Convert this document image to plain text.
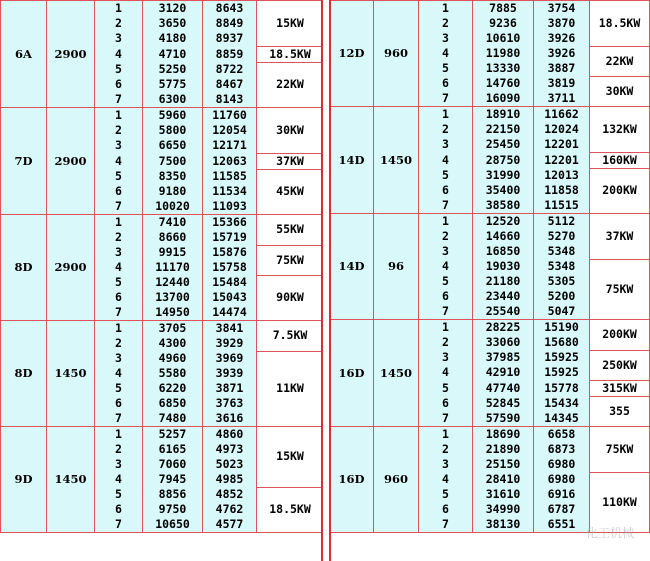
6A	2900	1	3120	8643	15KW
		2	3650	8849	
		3	4180	8937	
		4	4710	8859	18.5KW
		5	5250	8722	22KW
		6	5775	8467	
		7	6300	8143	
7D	2900	1	5960	11760	30KW
		2	5800	12054	
		3	6650	12171	
		4	7500	12063	37KW
		5	8350	11585	45KW
		6	9180	11534	
		7	10020	11093	
8D	2900	1	7410	15366	55KW
		2	8660	15719	
		3	9915	15876	75KW
		4	11170	15758	
		5	12440	15484	90KW
		6	13700	15043	
		7	14950	14474	
8D	1450	1	3705	3841	7.5KW
		2	4300	3929	
		3	4960	3969	11KW
		4	5580	3939	
		5	6220	3871	
		6	6850	3763	
		7	7480	3616	
9D	1450	1	5257	4860	15KW
		2	6165	4973	
		3	7060	5023	
		4	7945	4985	
		5	8856	4852	18.5KW
		6	9750	4762	
		7	10650	4577	
12D	960	1	7885	3754	18.5KW
		2	9236	3870	
		3	10610	3926	
		4	11980	3926	22KW
		5	13330	3887	
		6	14760	3819	30KW
		7	16090	3711	
14D	1450	1	18910	11662	132KW
		2	22150	12024	
		3	25450	12201	
		4	28750	12201	160KW
		5	31990	12013	200KW
		6	35400	11858	
		7	38580	11515	
14D	96	1	12520	5112	37KW
		2	14660	5270	
		3	16850	5348	
		4	19030	5348	75KW
		5	21180	5305	
		6	23440	5200	
		7	25540	5047	
16D	1450	1	28225	15190	200KW
		2	33060	15680	
		3	37985	15925	250KW
		4	42910	15925	
		5	47740	15778	315KW
		6	52845	15434	355
		7	57590	14345	
16D	960	1	18690	6658	75KW
		2	21890	6873	
		3	25150	6980	
		4	28410	6980	110KW
		5	31610	6916	
		6	34990	6787	
		7	38130	6551	
化工机械
